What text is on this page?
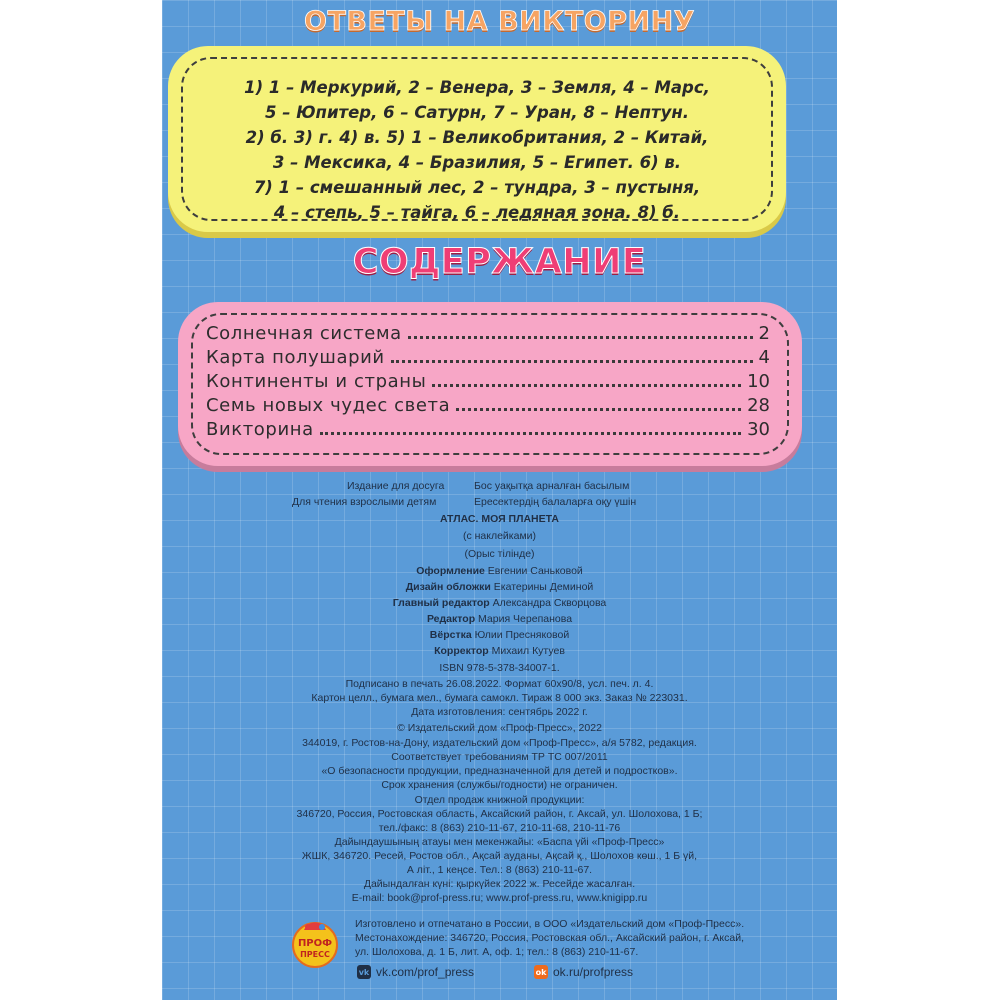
ОТВЕТЫ НА ВИКТОРИНУ
1) 1 – Меркурий, 2 – Венера, 3 – Земля, 4 – Марс,
5 – Юпитер, 6 – Сатурн, 7 – Уран, 8 – Нептун.
2) б. 3) г. 4) в. 5) 1 – Великобритания, 2 – Китай,
3 – Мексика, 4 – Бразилия, 5 – Египет. 6) в.
7) 1 – смешанный лес, 2 – тундра, 3 – пустыня,
4 – степь, 5 – тайга, 6 – ледяная зона. 8) б.
СОДЕРЖАНИЕ
Солнечная система	2
Карта полушарий	4
Континенты и страны	10
Семь новых чудес света	28
Викторина	30
Издание для досуга	Бос уақытқа арналған басылым
Для чтения взрослыми детям	Ересектердің балаларға оқу үшін
АТЛАС. МОЯ ПЛАНЕТА
(с наклейками)
(Орыс тілінде)
Оформление Евгении Саньковой
Дизайн обложки Екатерины Деминой
Главный редактор Александра Скворцова
Редактор Мария Черепанова
Вёрстка Юлии Пресняковой
Корректор Михаил Кутуев
ISBN 978-5-378-34007-1.
Подписано в печать 26.08.2022. Формат 60x90/8, усл. печ. л. 4.
Картон целл., бумага мел., бумага самокл. Тираж 8 000 экз. Заказ № 223031.
Дата изготовления: сентябрь 2022 г.
© Издательский дом «Проф-Пресс», 2022
344019, г. Ростов-на-Дону, издательский дом «Проф-Пресс», а/я 5782, редакция.
Соответствует требованиям ТР ТС 007/2011
«О безопасности продукции, предназначенной для детей и подростков».
Срок хранения (службы/годности) не ограничен.
Отдел продаж книжной продукции:
346720, Россия, Ростовская область, Аксайский район, г. Аксай, ул. Шолохова, 1 Б;
тел./факс: 8 (863) 210-11-67, 210-11-68, 210-11-76
Дайындаушының атауы мен мекенжайы: «Баспа үйі «Проф-Пресс»
ЖШК, 346720. Ресей, Ростов обл., Ақсай ауданы, Ақсай қ., Шолохов көш., 1 Б үй,
А літ., 1 кеңсе. Тел.: 8 (863) 210-11-67.
Дайындалған күні: қыркүйек 2022 ж. Ресейде жасалған.
E-mail: book@prof-press.ru; www.prof-press.ru, www.knigipp.ru
ПРОФ
ПРЕСС
Изготовлено и отпечатано в России, в ООО «Издательский дом «Проф-Пресс».
Местонахождение: 346720, Россия, Ростовская обл., Аксайский район, г. Аксай,
ул. Шолохова, д. 1 Б, лит. А, оф. 1; тел.: 8 (863) 210-11-67.
vk vk.com/prof_press	ok ok.ru/profpress
